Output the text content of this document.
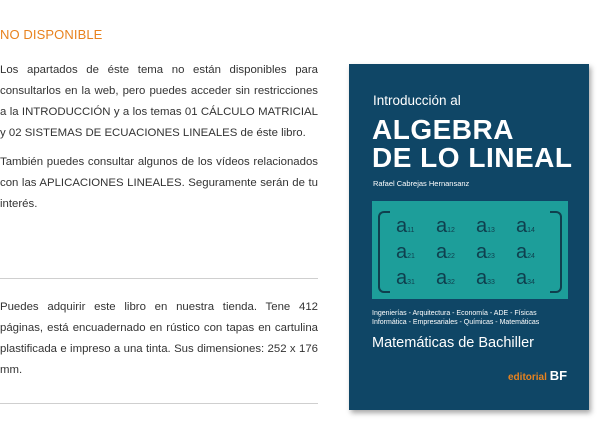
NO DISPONIBLE

Los apartados de éste tema no están disponibles para consultarlos en la web, pero puedes acceder sin restricciones a la INTRODUCCIÓN y a los temas 01 CÁLCULO MATRICIAL y 02 SISTEMAS DE ECUACIONES LINEALES de éste libro.

También puedes consultar algunos de los vídeos relacionados con las APLICACIONES LINEALES. Seguramente serán de tu interés.

Puedes adquirir este libro en nuestra tienda. Tene 412 páginas, está encuadernado en rústico con tapas en cartulina plastificada e impreso a una tinta. Sus dimensiones: 252 x 176 mm.

Introducción al
ALGEBRA
DE LO LINEAL
Rafael Cabrejas Hernansanz
a11	a12	a13	a14
a21	a22	a23	a24
a31	a32	a33	a34
Ingenierías - Arquitectura - Economía - ADE - Físicas
Informática - Empresariales - Químicas - Matemáticas
Matemáticas de Bachiller
editorial BF
